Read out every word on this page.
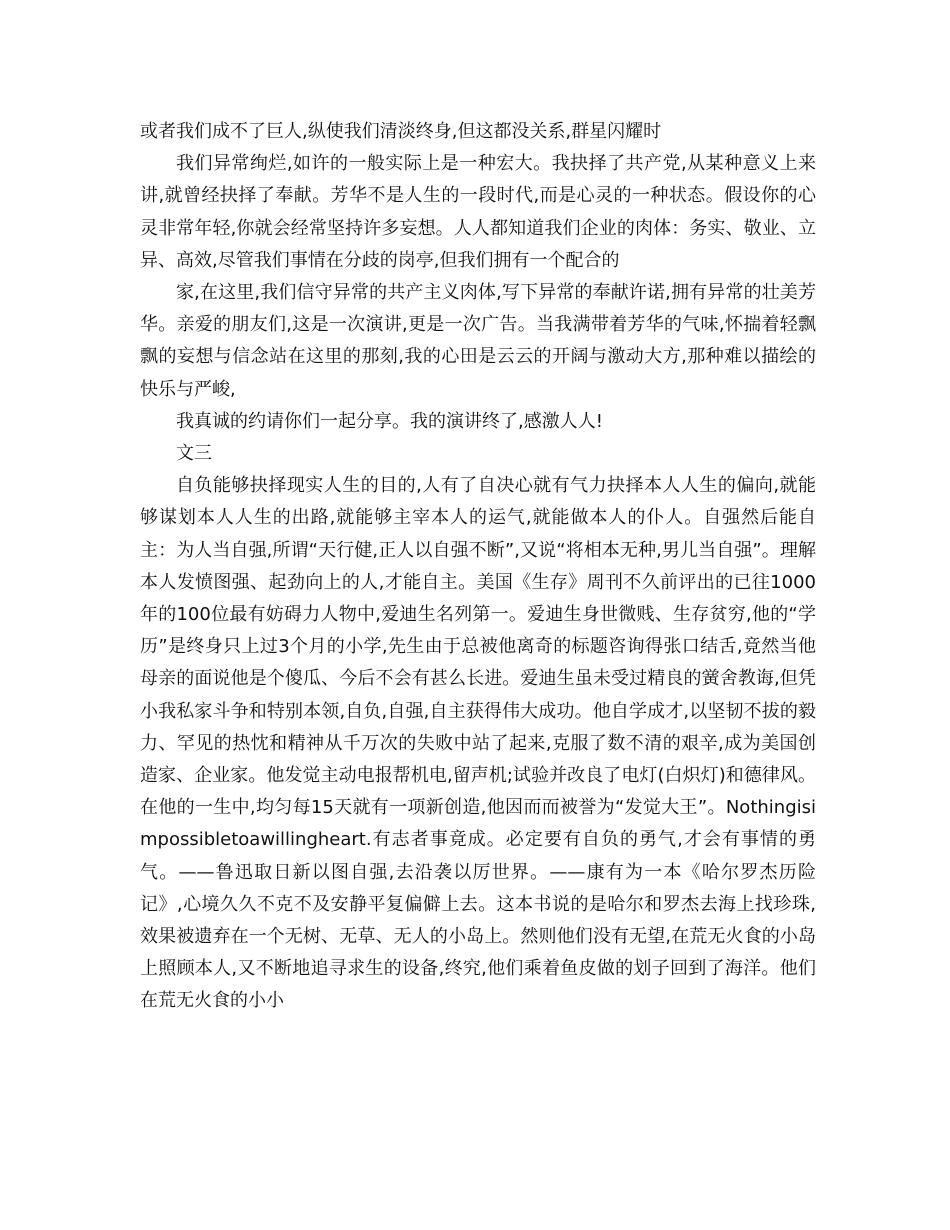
或者我们成不了巨人,纵使我们清淡终身,但这都没关系,群星闪耀时

我们异常绚烂,如许的一般实际上是一种宏大。我抉择了共产党,从某种意义上来讲,就曾经抉择了奉献。芳华不是人生的一段时代,而是心灵的一种状态。假设你的心灵非常年轻,你就会经常坚持许多妄想。人人都知道我们企业的肉体：务实、敬业、立异、高效,尽管我们事情在分歧的岗亭,但我们拥有一个配合的

家,在这里,我们信守异常的共产主义肉体,写下异常的奉献许诺,拥有异常的壮美芳华。亲爱的朋友们,这是一次演讲,更是一次广告。当我满带着芳华的气味,怀揣着轻飘飘的妄想与信念站在这里的那刻,我的心田是云云的开阔与激动大方,那种难以描绘的快乐与严峻,

我真诚的约请你们一起分享。我的演讲终了,感激人人!

文三

自负能够抉择现实人生的目的,人有了自决心就有气力抉择本人人生的偏向,就能够谋划本人人生的出路,就能够主宰本人的运气,就能做本人的仆人。自强然后能自主：为人当自强,所谓“天行健,正人以自强不断”,又说“将相本无种,男儿当自强”。理解本人发愤图强、起劲向上的人,才能自主。美国《生存》周刊不久前评出的已往1000年的100位最有妨碍力人物中,爱迪生名列第一。爱迪生身世微贱、生存贫穷,他的“学历”是终身只上过3个月的小学,先生由于总被他离奇的标题咨询得张口结舌,竟然当他母亲的面说他是个傻瓜、今后不会有甚么长进。爱迪生虽未受过精良的黉舍教诲,但凭小我私家斗争和特别本领,自负,自强,自主获得伟大成功。他自学成才,以坚韧不拔的毅力、罕见的热忱和精神从千万次的失败中站了起来,克服了数不清的艰辛,成为美国创造家、企业家。他发觉主动电报帮机电,留声机;试验并改良了电灯(白炽灯)和德律风。在他的一生中,均匀每15天就有一项新创造,他因而而被誉为“发觉大王”。Nothingisimpossibletoawillingheart.有志者事竟成。必定要有自负的勇气,才会有事情的勇气。——鲁迅取日新以图自强,去沿袭以厉世界。——康有为一本《哈尔罗杰历险记》,心境久久不克不及安静平复偏僻上去。这本书说的是哈尔和罗杰去海上找珍珠,效果被遗弃在一个无树、无草、无人的小岛上。然则他们没有无望,在荒无火食的小岛上照顾本人,又不断地追寻求生的设备,终究,他们乘着鱼皮做的划子回到了海洋。他们在荒无火食的小小
